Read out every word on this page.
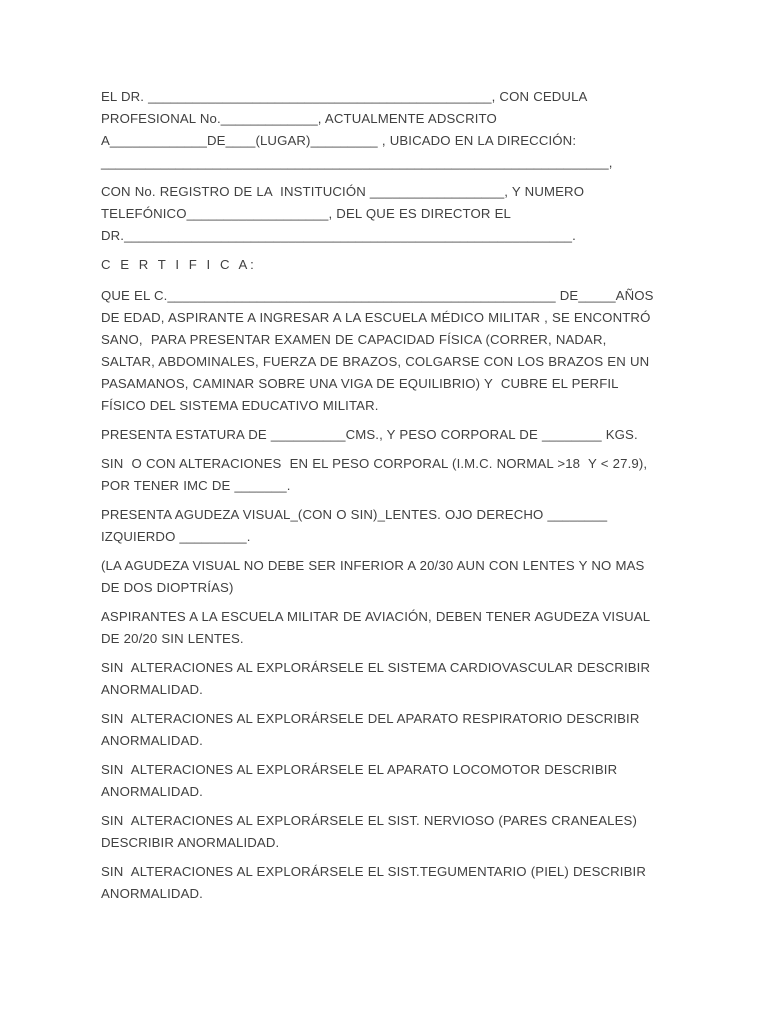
EL DR. ______________________________________________, CON CEDULA PROFESIONAL No._____________, ACTUALMENTE ADSCRITO A_____________DE____(LUGAR)_________ , UBICADO EN LA DIRECCIÓN: ____________________________________________________________________,

CON No. REGISTRO DE LA  INSTITUCIÓN __________________, Y NUMERO TELEFÓNICO___________________, DEL QUE ES DIRECTOR EL DR.____________________________________________________________.

C E R T I F I C A:

QUE EL C.____________________________________________________ DE_____AÑOS DE EDAD, ASPIRANTE A INGRESAR A LA ESCUELA MÉDICO MILITAR , SE ENCONTRÓ  SANO,  PARA PRESENTAR EXAMEN DE CAPACIDAD FÍSICA (CORRER, NADAR, SALTAR, ABDOMINALES, FUERZA DE BRAZOS, COLGARSE CON LOS BRAZOS EN UN PASAMANOS, CAMINAR SOBRE UNA VIGA DE EQUILIBRIO) Y  CUBRE EL PERFIL FÍSICO DEL SISTEMA EDUCATIVO MILITAR.

PRESENTA ESTATURA DE __________CMS., Y PESO CORPORAL DE ________ KGS.

SIN  O CON ALTERACIONES  EN EL PESO CORPORAL (I.M.C. NORMAL >18  Y < 27.9),  POR TENER IMC DE _______.

PRESENTA AGUDEZA VISUAL_(CON O SIN)_LENTES. OJO DERECHO ________ IZQUIERDO _________.

(LA AGUDEZA VISUAL NO DEBE SER INFERIOR A 20/30 AUN CON LENTES Y NO MAS DE DOS DIOPTRÍAS)

ASPIRANTES A LA ESCUELA MILITAR DE AVIACIÓN, DEBEN TENER AGUDEZA VISUAL DE 20/20 SIN LENTES.

SIN  ALTERACIONES AL EXPLORÁRSELE EL SISTEMA CARDIOVASCULAR DESCRIBIR ANORMALIDAD.

SIN  ALTERACIONES AL EXPLORÁRSELE DEL APARATO RESPIRATORIO DESCRIBIR ANORMALIDAD.

SIN  ALTERACIONES AL EXPLORÁRSELE EL APARATO LOCOMOTOR DESCRIBIR ANORMALIDAD.

SIN  ALTERACIONES AL EXPLORÁRSELE EL SIST. NERVIOSO (PARES CRANEALES) DESCRIBIR ANORMALIDAD.

SIN  ALTERACIONES AL EXPLORÁRSELE EL SIST.TEGUMENTARIO (PIEL) DESCRIBIR ANORMALIDAD.
